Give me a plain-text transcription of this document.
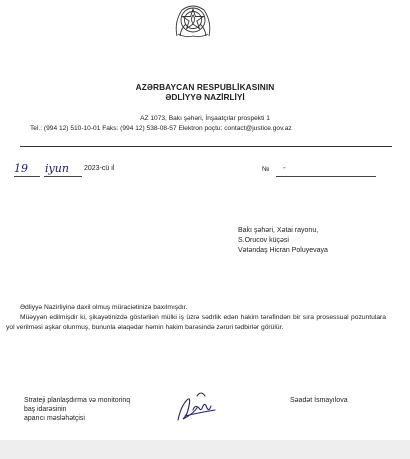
AZƏRBAYCAN RESPUBLİKASININ
ƏDLİYYƏ NAZİRLİYİ
AZ 1073, Bakı şəhəri, İnşaatçılar prospekti 1
Tel.: (994 12) 510-10-01 Faks: (994 12) 538-08-57 Elektron poçtu: contact@justice.gov.az
19 iyun 2023-cü il	№ -
Bakı şəhəri, Xətai rayonu,
S.Orucov küçəsi
Vətəndaş Hicran Poluyevaya
Ədliyyə Nazirliyinə daxil olmuş müraciətinizə baxılmışdır.
Müəyyən edilmişdir ki, şikayətinizdə göstərilən mülki iş üzrə sədrlik edən hakim tərəfindən bir sıra prosessual pozuntulara yol verilməsi aşkar olunmuş, bununla əlaqədar həmin hakim barəsində zəruri tədbirlər görülür.
Strateji planlaşdırma və monitorinq
baş idarəsinin
aparıcı məsləhətçisi
Səadət İsmayılova
